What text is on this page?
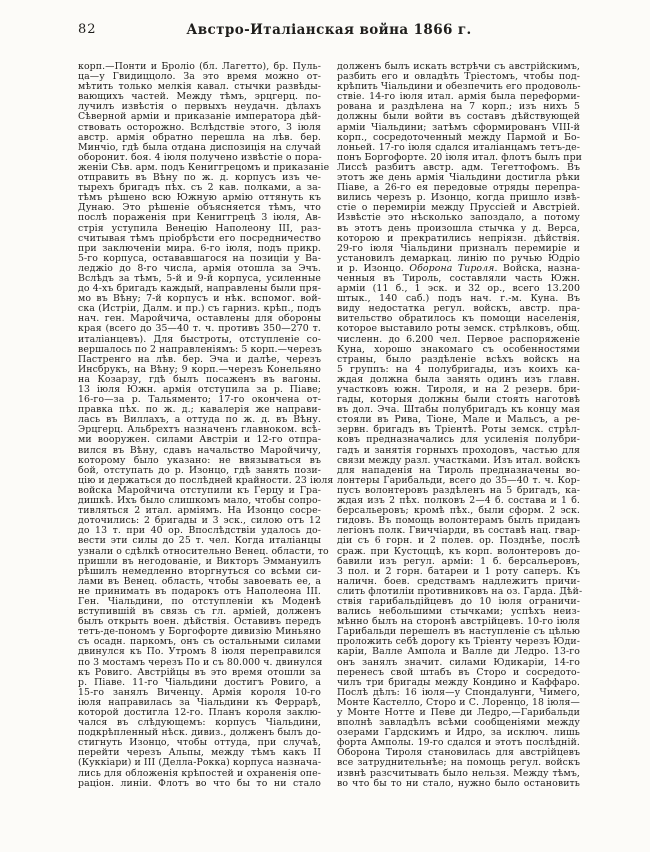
82	Австро-Италіанская война 1866 г.
корп.—Понти и Броліо (бл. Лагетто), бр. Пуль-
ца—у Гвидиццоло. За это время можно от-
мѣтить только мелкія кавал. стычки развѣды-
вающихъ частей. Между тѣмъ, эрцгерц. по-
лучилъ извѣстія о первыхъ неудачн. дѣлахъ
Сѣверной арміи и приказаніе императора дѣй-
ствовать осторожно. Вслѣдствіе этого, 3 іюля
австр. армія обратно перешла на лѣв. бер.
Минчіо, гдѣ была отдана диспозиція на случай
оборонит. боя. 4 іюля получено извѣстіе о пора-
женіи Сѣв. арм. подъ Кениггрецомъ и приказаніе
отправить въ Вѣну по ж. д. корпусъ изъ че-
тырехъ бригадъ пѣх. съ 2 кав. полками, а за-
тѣмъ рѣшено всю Южную армію оттянуть къ
Дунаю. Это рѣшеніе объясняется тѣмъ, что
послѣ пораженія при Кениггрецѣ 3 іюля, Ав-
стрія уступила Венецію Наполеону III, раз-
считывая тѣмъ пріобрѣсти его посредничество
при заключеніи мира. 6-го іюля, подъ прикр.
5-го корпуса, остававшагося на позиціи у Ва-
леджіо до 8-го числа, армія отошла за Эчъ.
Вслѣдъ за тѣмъ, 5-й и 9-й корпуса, усиленные
до 4-хъ бригадъ каждый, направлены были пря-
мо въ Вѣну; 7-й корпусъ и нѣк. вспомог. вой-
ска (Истріи, Далм. и пр.) съ гарниз. крѣп., подъ
нач. ген. Маройчича, оставлены для обороны
края (всего до 35—40 т. ч. противъ 350—270 т.
италіанцевъ). Для быстроты, отступленіе со-
вершалось по 2 направленіямъ: 5 корп.—черезъ
Пастренго на лѣв. бер. Эча и далѣе, черезъ
Инсбрукъ, на Вѣну; 9 корп.—черезъ Конельяно
на Козарзу, гдѣ былъ посаженъ въ вагоны.
13 іюля Южн. армія отступила за р. Піаве;
16-го—за р. Тальяменто; 17-го окончена от-
правка пѣх. по ж. д.; кавалерія же направи-
лась въ Виллахъ, а оттуда по ж. д. въ Вѣну.
Эрцгерц. Альбрехтъ назначенъ главноком. всѣ-
ми вооружен. силами Австріи и 12-го отпра-
вился въ Вѣну, сдавъ начальство Маройчичу,
которому было указано: не ввязываться въ
бой, отступать до р. Изонцо, гдѣ занять пози-
цію и держаться до послѣдней крайности. 23 іюля
войска Маройчича отступили къ Герцу и Гра-
дишкѣ. Ихъ было слишкомъ мало, чтобы сопро-
тивляться 2 итал. арміямъ. На Изонцо сосре-
доточились: 2 бригады и 3 эск., силою отъ 12
до 13 т. при 40 ор. Впослѣдствіи удалось до-
вести эти силы до 25 т. чел. Когда италіанцы
узнали о сдѣлкѣ относительно Венец. области, то
пришли въ негодованіе, и Викторъ Эммануилъ
рѣшилъ немедленно вторгнуться со всѣми си-
лами въ Венец. область, чтобы завоевать ее, а
не принимать въ подарокъ отъ Наполеона III.
Ген. Чіальдини, по отступленіи къ Моденѣ
вступившій въ связь съ гл. арміей, долженъ
былъ открыть воен. дѣйствія. Оставивъ передъ
тетъ-де-пономъ у Боргофорте дивизію Миньяно
съ осадн. паркомъ, онъ съ остальными силами
двинулся къ По. Утромъ 8 іюля переправился
по 3 мостамъ черезъ По и съ 80.000 ч. двинулся
къ Ровиго. Австрійцы въ это время отошли за
р. Піаве. 11-го Чіальдини достигъ Ровиго, а
15-го занялъ Виченцу. Армія короля 10-го
іюля направилась за Чіальдини къ Феррарѣ,
которой достигла 12-го. Планъ короля заклю-
чался въ слѣдующемъ: корпусъ Чіальдини,
подкрѣпленный нѣск. дивиз., долженъ былъ до-
стигнуть Изонцо, чтобы оттуда, при случаѣ,
перейти черезъ Альпы, между тѣмъ какъ II
(Куккіари) и III (Делла-Рокка) корпуса назнача-
лись для обложенія крѣпостей и охраненія опе-
раціон. линіи. Флотъ во что бы то ни стало
долженъ былъ искать встрѣчи съ австрійскимъ,
разбить его и овладѣть Тріестомъ, чтобы под-
крѣпить Чіальдини и обезпечить его продоволь-
ствіе. 14-го іюля итал. армія была переформи-
рована и раздѣлена на 7 корп.; изъ нихъ 5
должны были войти въ составъ дѣйствующей
арміи Чіальдини; затѣмъ сформированъ VIII-й
корп., сосредоточенный между Пармой и Бо-
лоньей. 17-го іюля сдался италіанцамъ тетъ-де-
понъ Боргофорте. 20 іюля итал. флотъ былъ при
Лиссѣ разбитъ австр. адм. Тегеттофомъ. Въ
этотъ же день армія Чіальдини достигла рѣки
Піаве, а 26-го ея передовые отряды перепра-
вились черезъ р. Изонцо, когда пришло извѣ-
стіе о перемиріи между Пруссіей и Австріей.
Извѣстіе это нѣсколько запоздало, а потому
въ этотъ день произошла стычка у д. Верса,
которою и прекратились непріязн. дѣйствія.
29-го іюля Чіальдини призналъ перемиріе и
установилъ демаркац. линію по ручью Юдріо
и р. Изонцо. Оборона Тироля. Войска, назна-
ченныя въ Тироль, составляли часть Южн.
арміи (11 б., 1 эск. и 32 ор., всего 13.200
штык., 140 саб.) подъ нач. г.-м. Куна. Въ
виду недостатка регул. войскъ, австр. пра-
вительство обратилось къ помощи населенія,
которое выставило роты земск. стрѣлковъ, общ.
численн. до 6.200 чел. Первое распоряженіе
Куна, хорошо знакомаго съ особенностями
страны, было раздѣленіе всѣхъ войскъ на
5 группъ: на 4 полубригады, изъ коихъ ка-
ждая должна была занять одинъ изъ главн.
участковъ южн. Тироля, и на 2 резерв. бри-
гады, которыя должны были стоять наготовѣ
въ дол. Эча. Штабы полубригадъ къ концу мая
стояли въ Рива, Тіоне, Мале и Мальсъ, а ре-
зервн. бригадъ въ Тріентѣ. Роты земск. стрѣл-
ковъ предназначались для усиленія полубри-
гадъ и занятія горныхъ проходовъ, частью для
связи между разл. участками. Изъ итал. войскъ
для нападенія на Тироль предназначены во-
лонтеры Гарибальди, всего до 35—40 т. ч. Кор-
пусъ волонтеровъ раздѣленъ на 5 бригадъ, ка-
ждая изъ 2 пѣх. полковъ 2—4 б. состава и 1 б.
берсальеровъ; кромѣ пѣх., были сформ. 2 эск.
гидовъ. Въ помощь волонтерамъ былъ приданъ
легіонъ полк. Гвиччіарди, въ составѣ нац. гвар-
діи съ 6 горн. и 2 полев. ор. Позднѣе, послѣ
сраж. при Кустоццѣ, къ корп. волонтеровъ до-
бавили изъ регул. арміи: 1 б. берсальеровъ,
3 пол. и 2 горн. батареи и 1 роту саперъ. Къ
наличн. боев. средствамъ надлежитъ причи-
слить флотиліи противниковъ на оз. Гарда. Дѣй-
ствія гарибальдійцевъ до 10 іюля ограничи-
вались небольшими стычками; успѣхъ неиз-
мѣнно былъ на сторонѣ австрійцевъ. 10-го іюля
Гарибальди перешелъ въ наступленіе съ цѣлью
проложить себѣ дорогу къ Тріенту черезъ Юди-
каріи, Валле Ампола и Валле ди Ледро. 13-го
онъ занялъ значит. силами Юдикаріи, 14-го
перенесъ свой штабъ въ Сторо и сосредото-
чилъ три бригады между Кондино и Каффаро.
Послѣ дѣлъ: 16 іюля—у Спондалунги, Чимего,
Монте Кастелло, Сторо и С. Лоренцо, 18 іюля—
у Монте Нотте и Певе ди Ледро,—Гарибальди
вполнѣ завладѣлъ всѣми сообщеніями между
озерами Гардскимъ и Идро, за исключ. лишь
форта Амполы. 19-го сдался и этотъ послѣдній.
Оборона Тироля становилась для австрійцевъ
все затруднительнѣе; на помощь регул. войскъ
извнѣ разсчитывать было нельзя. Между тѣмъ,
во что бы то ни стало, нужно было остановить
